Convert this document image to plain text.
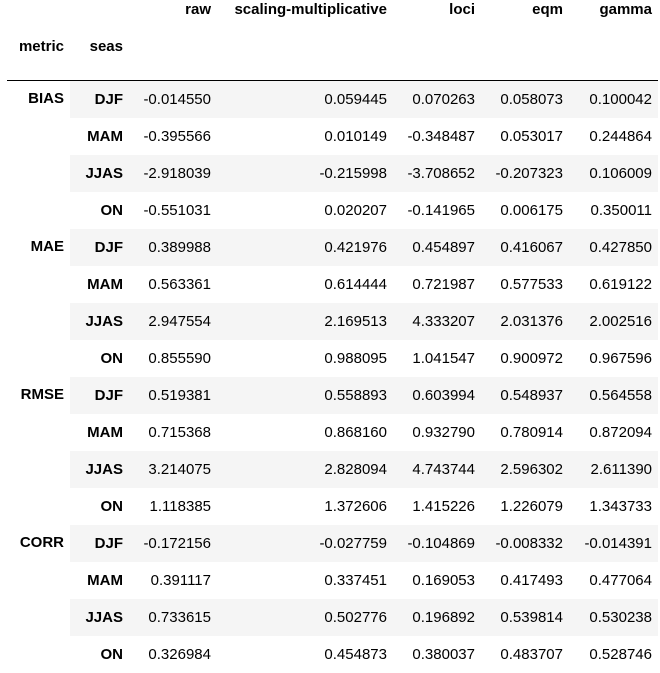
		raw	scaling-multiplicative	loci	eqm	gamma
metric	seas					
BIAS	DJF	-0.014550	0.059445	0.070263	0.058073	0.100042
	MAM	-0.395566	0.010149	-0.348487	0.053017	0.244864
	JJAS	-2.918039	-0.215998	-3.708652	-0.207323	0.106009
	ON	-0.551031	0.020207	-0.141965	0.006175	0.350011
MAE	DJF	0.389988	0.421976	0.454897	0.416067	0.427850
	MAM	0.563361	0.614444	0.721987	0.577533	0.619122
	JJAS	2.947554	2.169513	4.333207	2.031376	2.002516
	ON	0.855590	0.988095	1.041547	0.900972	0.967596
RMSE	DJF	0.519381	0.558893	0.603994	0.548937	0.564558
	MAM	0.715368	0.868160	0.932790	0.780914	0.872094
	JJAS	3.214075	2.828094	4.743744	2.596302	2.611390
	ON	1.118385	1.372606	1.415226	1.226079	1.343733
CORR	DJF	-0.172156	-0.027759	-0.104869	-0.008332	-0.014391
	MAM	0.391117	0.337451	0.169053	0.417493	0.477064
	JJAS	0.733615	0.502776	0.196892	0.539814	0.530238
	ON	0.326984	0.454873	0.380037	0.483707	0.528746
